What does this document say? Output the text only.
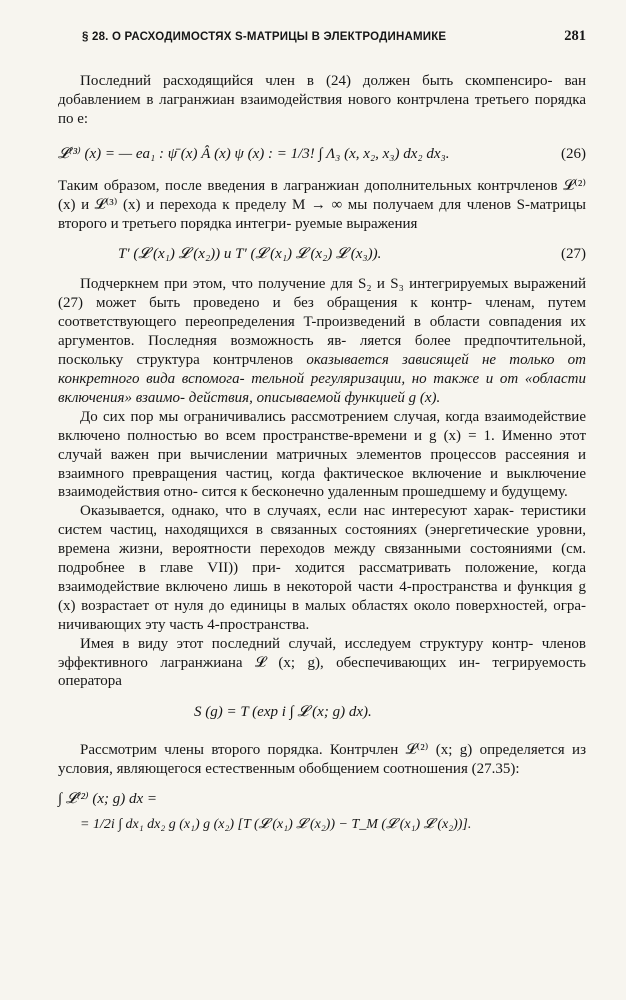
§ 28. О РАСХОДИМОСТЯХ S-МАТРИЦЫ В ЭЛЕКТРОДИНАМИКЕ	281

Последний расходящийся член в (24) должен быть скомпенсиро- ван добавлением в лагранжиан взаимодействия нового контрчлена третьего порядка по e:

𝓛⁽³⁾ (x) = — ea₁ : ψ̄ (x) Â (x) ψ (x) : = 1/3! ∫ Λ₃ (x, x₂, x₃) dx₂ dx₃.	(26)

Таким образом, после введения в лагранжиан дополнительных контрчленов 𝓛⁽²⁾ (x) и 𝓛⁽³⁾ (x) и перехода к пределу M → ∞ мы получаем для членов S-матрицы второго и третьего порядка интегри- руемые выражения

T′ (𝓛 (x₁) 𝓛 (x₂)) и T′ (𝓛 (x₁) 𝓛 (x₂) 𝓛 (x₃)).	(27)

Подчеркнем при этом, что получение для S₂ и S₃ интегрируемых выражений (27) может быть проведено и без обращения к контр- членам, путем соответствующего переопределения T-произведений в области совпадения их аргументов. Последняя возможность яв- ляется более предпочтительной, поскольку структура контрчленов оказывается зависящей не только от конкретного вида вспомога- тельной регуляризации, но также и от «области включения» взаимо- действия, описываемой функцией g (x).

До сих пор мы ограничивались рассмотрением случая, когда взаимодействие включено полностью во всем пространстве-времени и g (x) = 1. Именно этот случай важен при вычислении матричных элементов процессов рассеяния и взаимного превращения частиц, когда фактическое включение и выключение взаимодействия отно- сится к бесконечно удаленным прошедшему и будущему.

Оказывается, однако, что в случаях, если нас интересуют харак- теристики систем частиц, находящихся в связанных состояниях (энергетические уровни, времена жизни, вероятности переходов между связанными состояниями (см. подробнее в главе VII)) при- ходится рассматривать положение, когда взаимодействие включено лишь в некоторой части 4-пространства и функция g (x) возрастает от нуля до единицы в малых областях около поверхностей, огра- ничивающих эту часть 4-пространства.

Имея в виду этот последний случай, исследуем структуру контр- членов эффективного лагранжиана 𝓛 (x; g), обеспечивающих ин- тегрируемость оператора

S (g) = T (exp i ∫ 𝓛 (x; g) dx).

Рассмотрим члены второго порядка. Контрчлен 𝓛⁽²⁾ (x; g) определяется из условия, являющегося естественным обобщением соотношения (27.35):

∫ 𝓛⁽²⁾ (x; g) dx =
= 1/2i ∫ dx₁ dx₂ g (x₁) g (x₂) [T (𝓛 (x₁) 𝓛 (x₂)) − T_M (𝓛 (x₁) 𝓛 (x₂))].
